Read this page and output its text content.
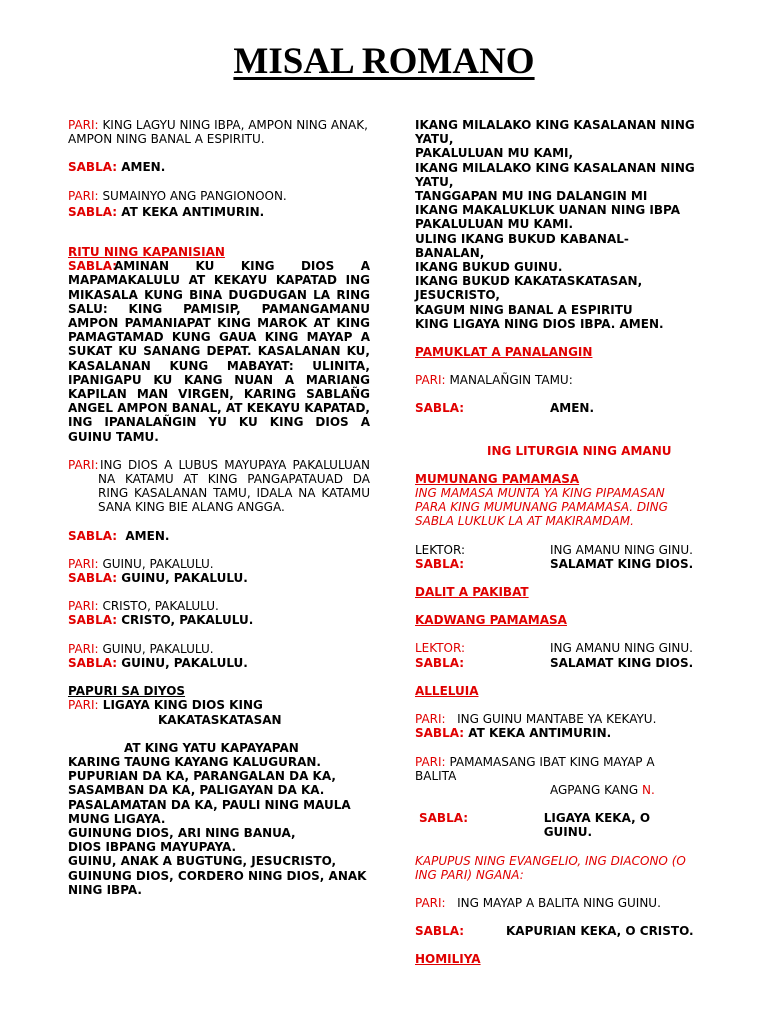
MISAL ROMANO

PARI: KING LAGYU NING IBPA, AMPON NING ANAK, AMPON NING BANAL A ESPIRITU.

SABLA: AMEN.

PARI: SUMAINYO ANG PANGIONOON.

SABLA: AT KEKA ANTIMURIN.

RITU NING KAPANISIAN

SABLA:

AMINAN KU KING DIOS A MAPAMAKALULU AT KEKAYU KAPATAD ING MIKASALA KUNG BINA DUGDUGAN LA RING SALU: KING PAMISIP, PAMANGAMANU AMPON PAMANIAPAT KING MAROK AT KING PAMAGTAMAD KUNG GAUA KING MAYAP A SUKAT KU SANANG DEPAT. KASALANAN KU, KASALANAN KUNG MABAYAT: ULINITA, IPANIGAPU KU KANG NUAN A MARIANG KAPILAN MAN VIRGEN, KARING SABLAÑG ANGEL AMPON BANAL, AT KEKAYU KAPATAD, ING IPANALAÑGIN YU KU KING DIOS A GUINU TAMU.

PARI: ING DIOS A LUBUS MAYUPAYA PAKALULUAN NA KATAMU AT KING PANGAPATAUAD DA RING KASALANAN TAMU, IDALA NA KATAMU SANA KING BIE ALANG ANGGA.

SABLA: AMEN.

PARI: GUINU, PAKALULU.

SABLA: GUINU, PAKALULU.

PARI: CRISTO, PAKALULU.

SABLA: CRISTO, PAKALULU.

PARI: GUINU, PAKALULU.

SABLA: GUINU, PAKALULU.

PAPURI SA DIYOS

PARI: LIGAYA KING DIOS KING

KAKATASKATASAN

AT KING YATU KAPAYAPAN

KARING TAUNG KAYANG KALUGURAN.

PUPURIAN DA KA, PARANGALAN DA KA,

SASAMBAN DA KA, PALIGAYAN DA KA.

PASALAMATAN DA KA, PAULI NING MAULA MUNG LIGAYA.

GUINUNG DIOS, ARI NING BANUA,

DIOS IBPANG MAYUPAYA.

GUINU, ANAK A BUGTUNG, JESUCRISTO,

GUINUNG DIOS, CORDERO NING DIOS, ANAK NING IBPA.

IKANG MILALAKO KING KASALANAN NING YATU,

PAKALULUAN MU KAMI,

IKANG MILALAKO KING KASALANAN NING YATU,

TANGGAPAN MU ING DALANGIN MI

IKANG MAKALUKLUK UANAN NING IBPA

PAKALULUAN MU KAMI.

ULING IKANG BUKUD KABANAL-BANALAN,

IKANG BUKUD GUINU.

IKANG BUKUD KAKATASKATASAN, JESUCRISTO,

KAGUM NING BANAL A ESPIRITU

KING LIGAYA NING DIOS IBPA. AMEN.

PAMUKLAT A PANALANGIN

PARI: MANALAÑGIN TAMU:

SABLA:	AMEN.

ING LITURGIA NING AMANU

MUMUNANG PAMAMASA

ING MAMASA MUNTA YA KING PIPAMASAN PARA KING MUMUNANG PAMAMASA. DING SABLA LUKLUK LA AT MAKIRAMDAM.

LEKTOR:	ING AMANU NING GINU.
SABLA:	SALAMAT KING DIOS.

DALIT A PAKIBAT

KADWANG PAMAMASA

LEKTOR:	ING AMANU NING GINU.
SABLA:	SALAMAT KING DIOS.

ALLELUIA

PARI: ING GUINU MANTABE YA KEKAYU.

SABLA: AT KEKA ANTIMURIN.

PARI: PAMAMASANG IBAT KING MAYAP A BALITA

AGPANG KANG N.

SABLA:	LIGAYA KEKA, O GUINU.

KAPUPUS NING EVANGELIO, ING DIACONO (O ING PARI) NGANA:

PARI: ING MAYAP A BALITA NING GUINU.

SABLA:	KAPURIAN KEKA, O CRISTO.

HOMILIYA
